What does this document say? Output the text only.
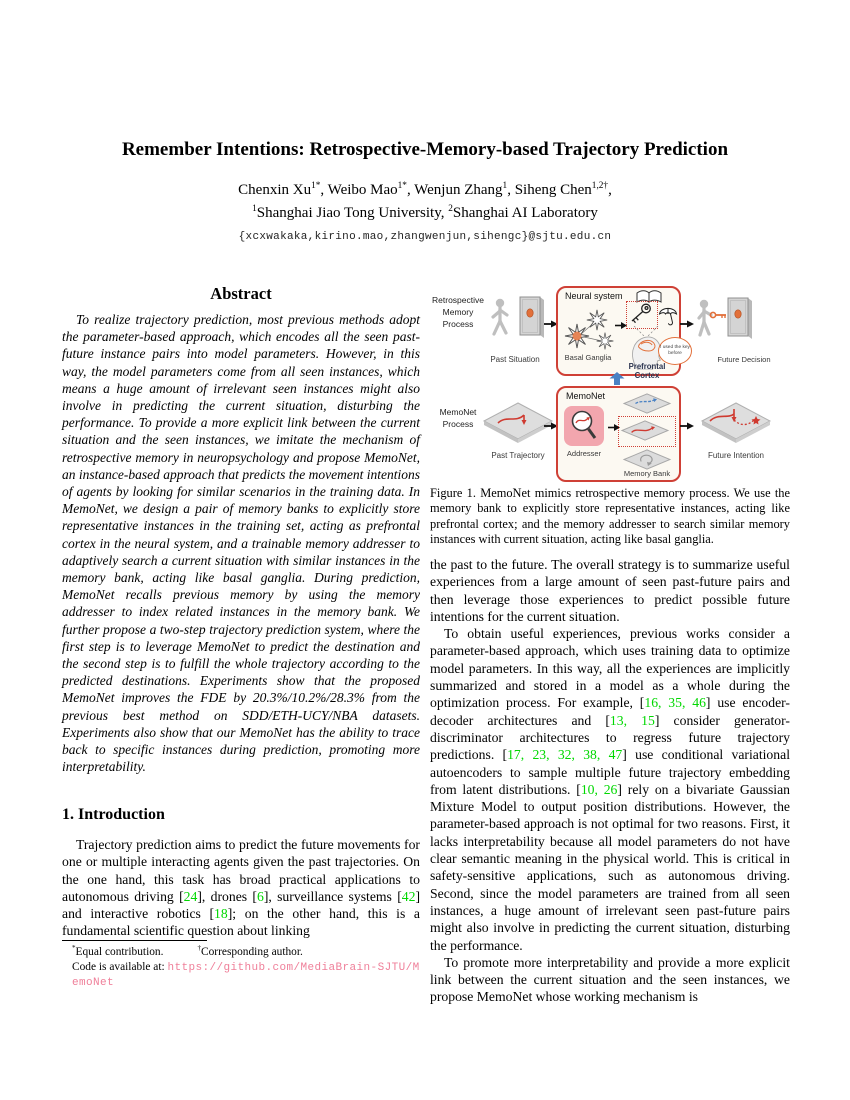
Remember Intentions: Retrospective-Memory-based Trajectory Prediction
Chenxin $Xu^{1*}$, Weibo Mao$^{1*}$, Wenjun Zhang$^1$, Siheng Chen$^{1,2\dagger}$,
$^1$Shanghai Jiao Tong University, $^2$Shanghai AI Laboratory
{xcxwakaka,kirino.mao,zhangwenjun,sihengc}@sjtu.edu.cn
Abstract
To realize trajectory prediction, most previous methods adopt the parameter-based approach, which encodes all the seen past-future instance pairs into model parameters. However, in this way, the model parameters come from all seen instances, which means a huge amount of irrelevant seen instances might also involve in predicting the current situation, disturbing the performance. To provide a more explicit link between the current situation and the seen instances, we imitate the mechanism of retrospective memory in neuropsychology and propose MemoNet, an instance-based approach that predicts the movement intentions of agents by looking for similar scenarios in the training data. In MemoNet, we design a pair of memory banks to explicitly store representative instances in the training set, acting as prefrontal cortex in the neural system, and a trainable memory addresser to adaptively search a current situation with similar instances in the memory bank, acting like basal ganglia. During prediction, MemoNet recalls previous memory by using the memory addresser to index related instances in the memory bank. We further propose a two-step trajectory prediction system, where the first step is to leverage MemoNet to predict the destination and the second step is to fulfill the whole trajectory according to the predicted destinations. Experiments show that the proposed MemoNet improves the FDE by 20.3%/10.2%/28.3% from the previous best method on SDD/ETH-UCY/NBA datasets. Experiments also show that our MemoNet has the ability to trace back to specific instances during prediction, promoting more interpretability.
1. Introduction
Trajectory prediction aims to predict the future movements for one or multiple interacting agents given the past trajectories. On the one hand, this task has broad practical applications to autonomous driving [ 24 ] , drones [ 6 ] , surveillance systems [ 42 ] and interactive robotics [ 18 ] ; on the other hand, this is a fundamental scientific question about linking
*Equal contribution.	†Corresponding author.
Code is available at: https://github.com/MediaBrain-SJTU/MemoNet
Retrospective Memory Process
Past Situation
Neural system
Basal Ganglia
I used the key before
Prefrontal Cortex
Future Decision
MemoNet Process
Past Trajectory
MemoNet
Addresser
Memory Bank
Future Intention
Figure 1. MemoNet mimics retrospective memory process. We use the memory bank to explicitly store representative instances, acting like prefrontal cortex; and the memory addresser to search similar memory instances with current situation, acting like basal ganglia.

the past to the future. The overall strategy is to summarize useful experiences from a large amount of seen past-future pairs and then leverage those experiences to predict possible future intentions for the current situation.

To obtain useful experiences, previous works consider a parameter-based approach, which uses training data to optimize model parameters. In this way, all the experiences are implicitly summarized and stored in a model as a whole during the optimization process. For example, [ 16, 35, 46 ] use encoder-decoder architectures and [ 13, 15 ] consider generator-discriminator architectures to regress future trajectory predictions. [ 17, 23, 32, 38, 47 ] use conditional variational autoencoders to sample multiple future trajectory embedding from latent distributions. [ 10, 26 ] rely on a bivariate Gaussian Mixture Model to output position distributions. However, the parameter-based approach is not optimal for two reasons. First, it lacks interpretability because all model parameters do not have clear semantic meaning in the physical world. This is critical in safety-sensitive applications, such as autonomous driving. Second, since the model parameters are trained from all seen instances, a huge amount of irrelevant seen past-future pairs might also involve in predicting the current situation, disturbing the performance.

To promote more interpretability and provide a more explicit link between the current situation and the seen instances, we propose MemoNet whose working mechanism is
